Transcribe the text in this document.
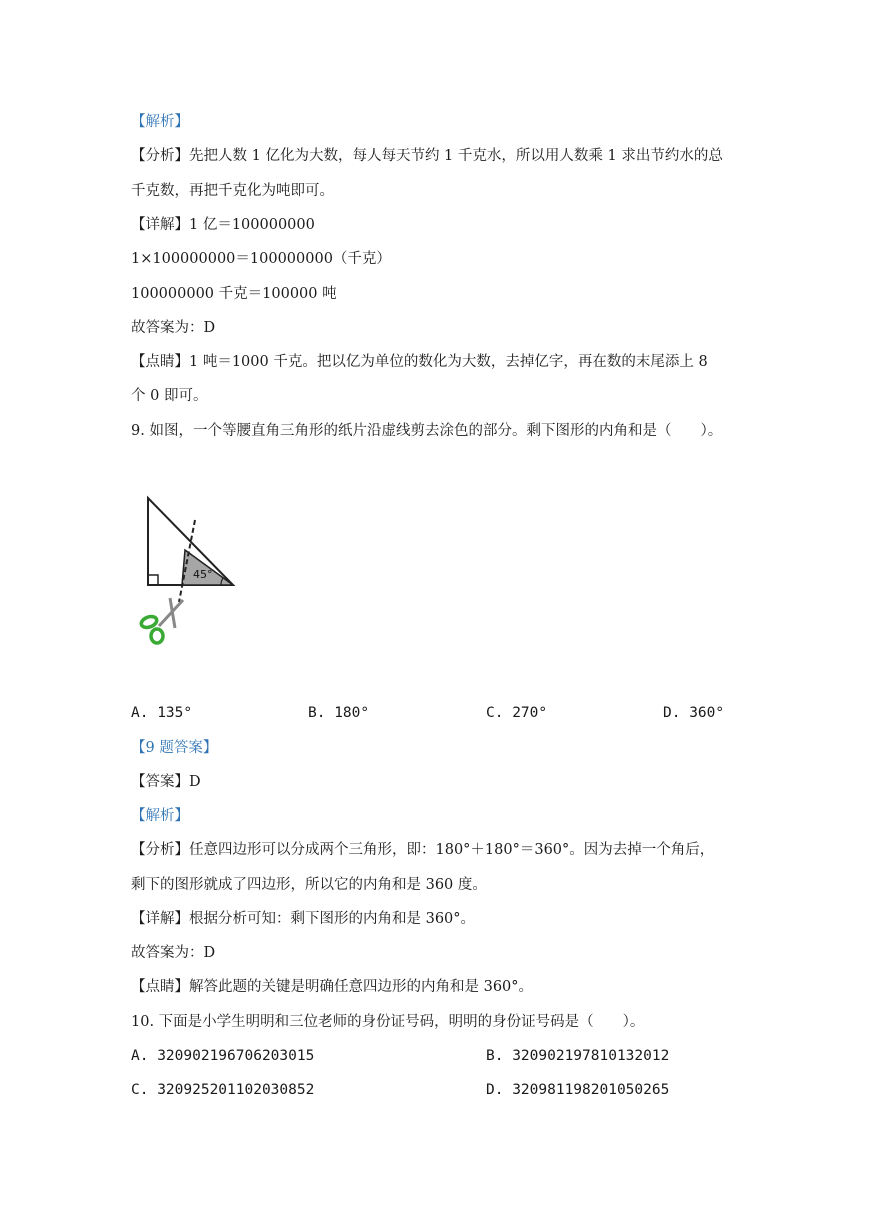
【解析】
【分析】先把人数 1 亿化为大数，每人每天节约 1 千克水，所以用人数乘 1 求出节约水的总
千克数，再把千克化为吨即可。
【详解】1 亿＝100000000
1×100000000＝100000000（千克）
100000000 千克＝100000 吨
故答案为：D
【点睛】1 吨＝1000 千克。把以亿为单位的数化为大数，去掉亿字，再在数的末尾添上 8
个 0 即可。
9. 如图，一个等腰直角三角形的纸片沿虚线剪去涂色的部分。剩下图形的内角和是（　　）。
45°
A. 135°	B. 180°	C. 270°	D. 360°
【9 题答案】
【答案】D
【解析】
【分析】任意四边形可以分成两个三角形，即：180°＋180°＝360°。因为去掉一个角后，
剩下的图形就成了四边形，所以它的内角和是 360 度。
【详解】根据分析可知：剩下图形的内角和是 360°。
故答案为：D
【点睛】解答此题的关键是明确任意四边形的内角和是 360°。
10. 下面是小学生明明和三位老师的身份证号码，明明的身份证号码是（　　）。
A. 320902196706203015	B. 320902197810132012
C. 320925201102030852	D. 320981198201050265
